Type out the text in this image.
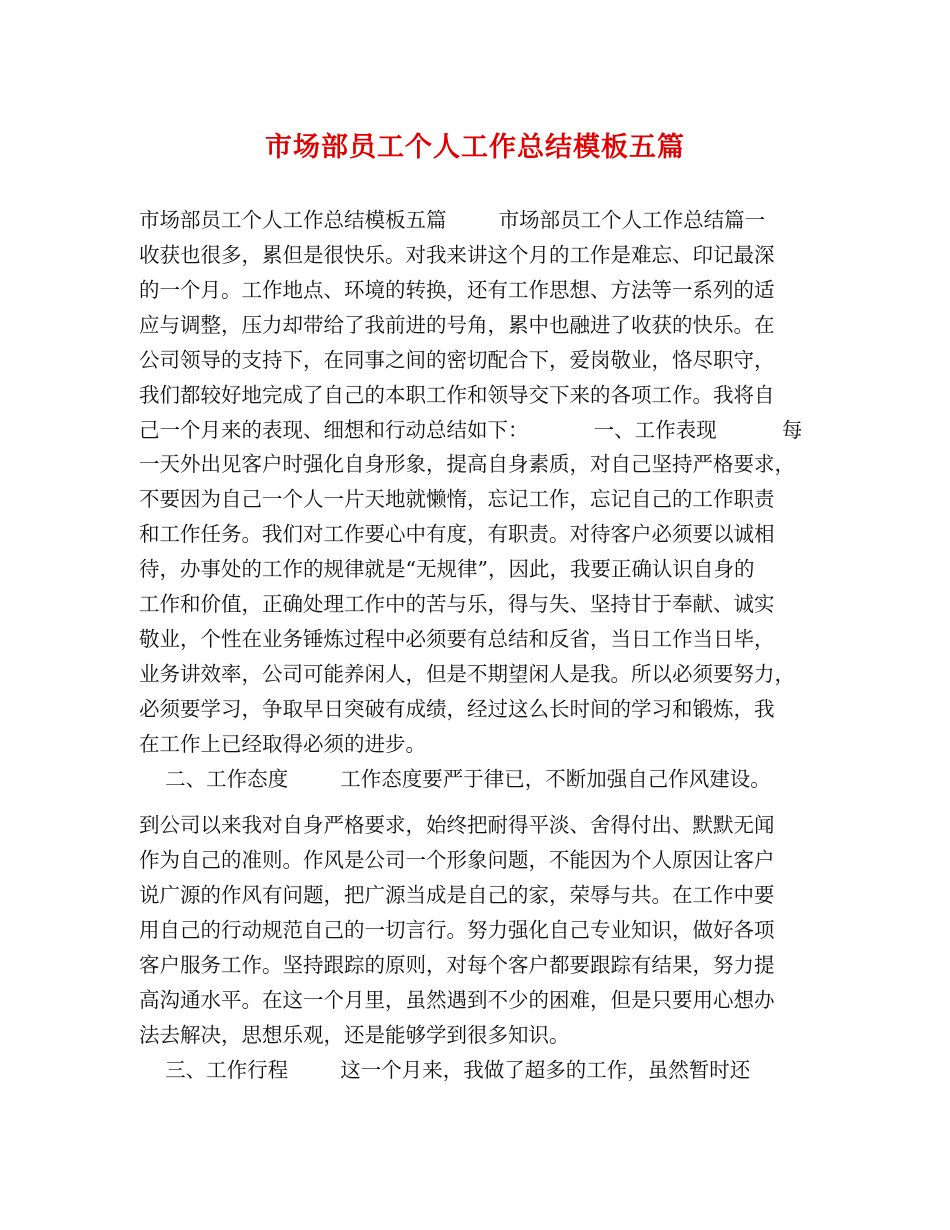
市场部员工个人工作总结模板五篇
市场部员工个人工作总结模板五篇        市场部员工个人工作总结篇一
收获也很多，累但是很快乐。对我来讲这个月的工作是难忘、印记最深
的一个月。工作地点、环境的转换，还有工作思想、方法等一系列的适
应与调整，压力却带给了我前进的号角，累中也融进了收获的快乐。在
公司领导的支持下，在同事之间的密切配合下，爱岗敬业，恪尽职守，
我们都较好地完成了自己的本职工作和领导交下来的各项工作。我将自
己一个月来的表现、细想和行动总结如下：          一、工作表现          每
一天外出见客户时强化自身形象，提高自身素质，对自己坚持严格要求，
不要因为自己一个人一片天地就懒惰，忘记工作，忘记自己的工作职责
和工作任务。我们对工作要心中有度，有职责。对待客户必须要以诚相
待，办事处的工作的规律就是“无规律”，因此，我要正确认识自身的
工作和价值，正确处理工作中的苦与乐，得与失、坚持甘于奉献、诚实
敬业，个性在业务锤炼过程中必须要有总结和反省，当日工作当日毕，
业务讲效率，公司可能养闲人，但是不期望闲人是我。所以必须要努力，
必须要学习，争取早日突破有成绩，经过这么长时间的学习和锻炼，我
在工作上已经取得必须的进步。
二、工作态度        工作态度要严于律已，不断加强自己作风建设。
到公司以来我对自身严格要求，始终把耐得平淡、舍得付出、默默无闻
作为自己的准则。作风是公司一个形象问题，不能因为个人原因让客户
说广源的作风有问题，把广源当成是自己的家，荣辱与共。在工作中要
用自己的行动规范自己的一切言行。努力强化自己专业知识，做好各项
客户服务工作。坚持跟踪的原则，对每个客户都要跟踪有结果，努力提
高沟通水平。在这一个月里，虽然遇到不少的困难，但是只要用心想办
法去解决，思想乐观，还是能够学到很多知识。
三、工作行程        这一个月来，我做了超多的工作，虽然暂时还
